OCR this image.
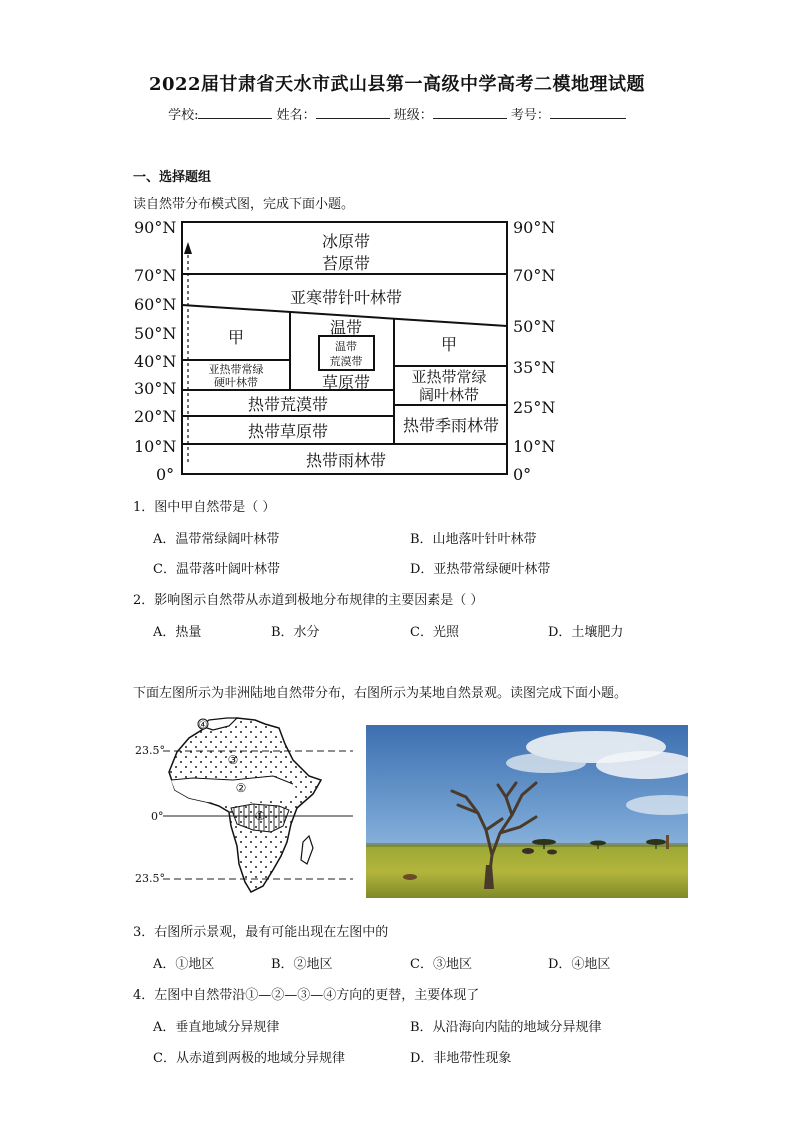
2022届甘肃省天水市武山县第一高级中学高考二模地理试题
学校:	姓名：	班级：	考号：
一、选择题组
读自然带分布模式图，完成下面小题。
90°N
70°N
60°N
50°N
40°N
30°N
20°N
10°N
0°
90°N
70°N
50°N
35°N
25°N
10°N
0°
冰原带
苔原带
亚寒带针叶林带
甲
温带
温带
荒漠带
甲
亚热带常绿
硬叶林带	草原带	亚热带常绿
阔叶林带
热带荒漠带
热带草原带	热带季雨林带
热带雨林带
1．图中甲自然带是（ ）
A．温带常绿阔叶林带	B．山地落叶针叶林带
C．温带落叶阔叶林带	D．亚热带常绿硬叶林带
2．影响图示自然带从赤道到极地分布规律的主要因素是（ ）
A．热量	B．水分	C．光照	D．土壤肥力
下面左图所示为非洲陆地自然带分布，右图所示为某地自然景观。读图完成下面小题。
④
③
②
①
23.5°
0°
23.5°
3．右图所示景观，最有可能出现在左图中的
A．①地区	B．②地区	C．③地区	D．④地区
4．左图中自然带沿①—②—③—④方向的更替，主要体现了
A．垂直地域分异规律	B．从沿海向内陆的地域分异规律
C．从赤道到两极的地域分异规律	D．非地带性现象
